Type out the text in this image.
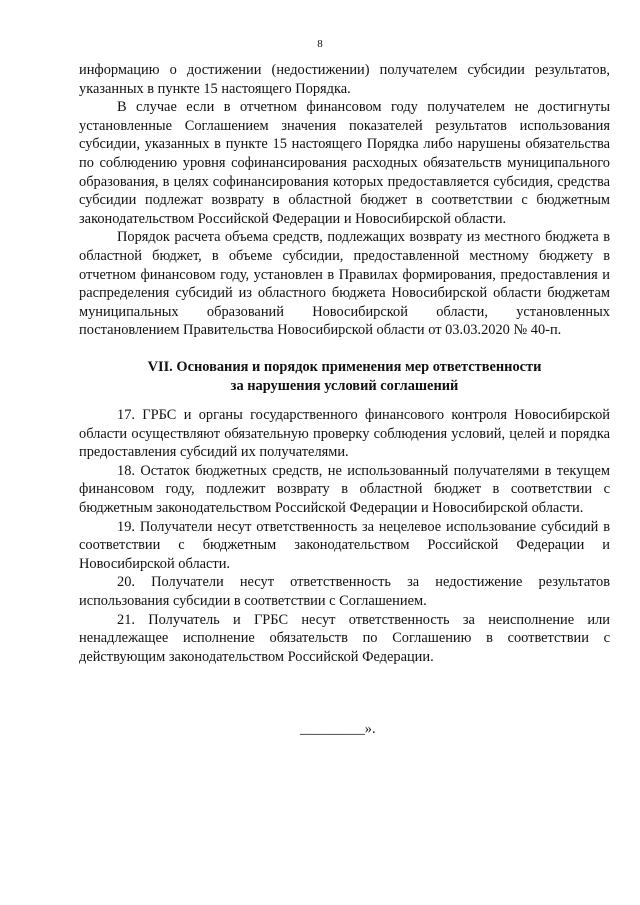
8

информацию о достижении (недостижении) получателем субсидии результатов, указанных в пункте 15 настоящего Порядка.

В случае если в отчетном финансовом году получателем не достигнуты установленные Соглашением значения показателей результатов использования субсидии, указанных в пункте 15 настоящего Порядка либо нарушены обязательства по соблюдению уровня софинансирования расходных обязательств муниципального образования, в целях софинансирования которых предоставляется субсидия, средства субсидии подлежат возврату в областной бюджет в соответствии с бюджетным законодательством Российской Федерации и Новосибирской области.

Порядок расчета объема средств, подлежащих возврату из местного бюджета в областной бюджет, в объеме субсидии, предоставленной местному бюджету в отчетном финансовом году, установлен в Правилах формирования, предоставления и распределения субсидий из областного бюджета Новосибирской области бюджетам муниципальных образований Новосибирской области, установленных постановлением Правительства Новосибирской области от 03.03.2020 № 40-п.

VII. Основания и порядок применения мер ответственности
за нарушения условий соглашений

17. ГРБС и органы государственного финансового контроля Новосибирской области осуществляют обязательную проверку соблюдения условий, целей и порядка предоставления субсидий их получателями.

18. Остаток бюджетных средств, не использованный получателями в текущем финансовом году, подлежит возврату в областной бюджет в соответствии с бюджетным законодательством Российской Федерации и Новосибирской области.

19. Получатели несут ответственность за нецелевое использование субсидий в соответствии с бюджетным законодательством Российской Федерации и Новосибирской области.

20. Получатели несут ответственность за недостижение результатов использования субсидии в соответствии с Соглашением.

21. Получатель и ГРБС несут ответственность за неисполнение или ненадлежащее исполнение обязательств по Соглашению в соответствии с действующим законодательством Российской Федерации.

_________».
